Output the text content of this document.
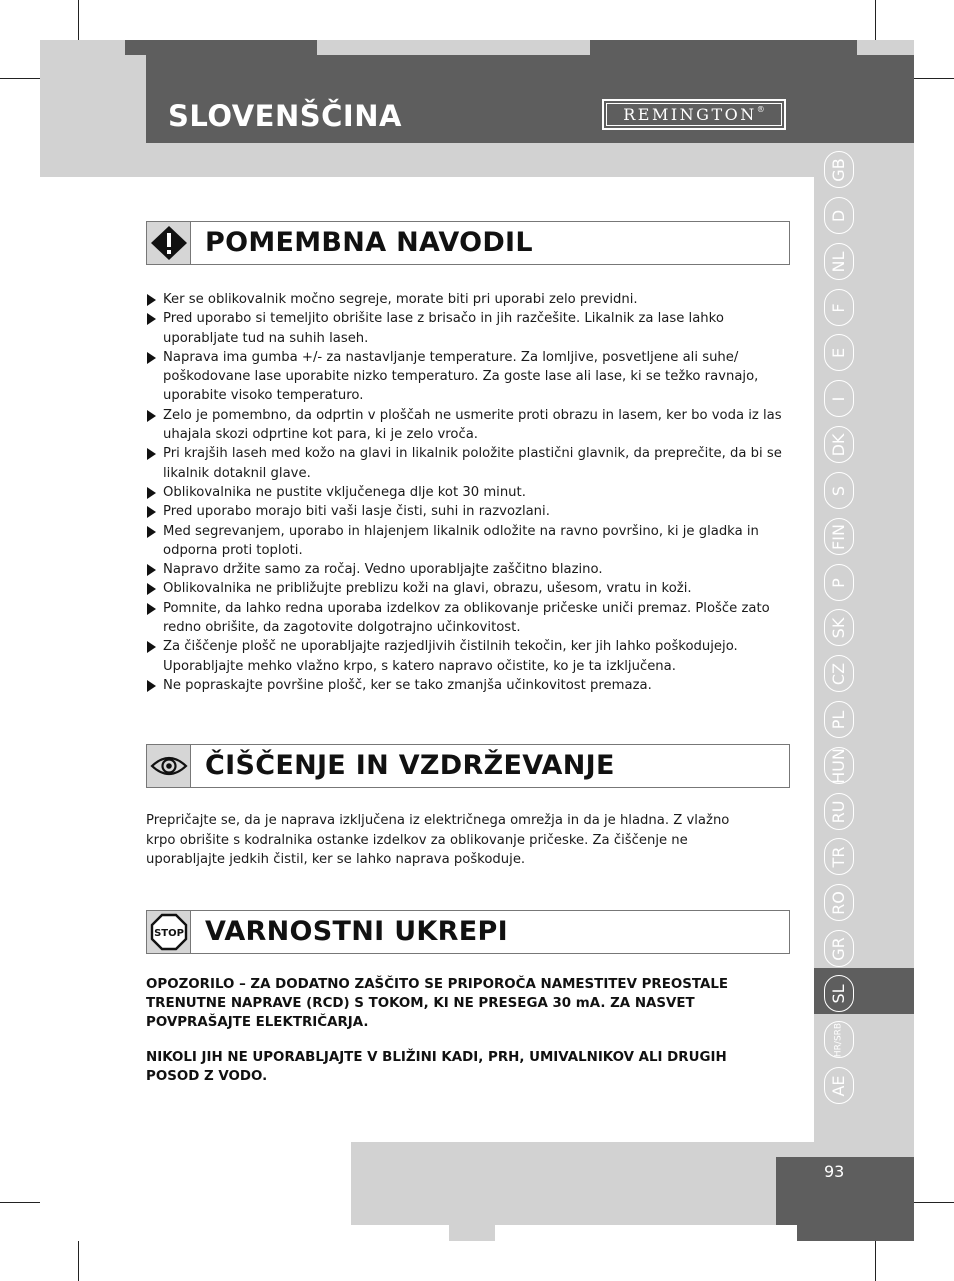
SLOVENŠČINA	REMINGTON®
GB
D
NL
F
E
I
DK
S
FIN
P
SK
CZ
PL
HUN
RU
TR
RO
GR
SL
HR/SRB
AE
POMEMBNA NAVODIL
Ker se oblikovalnik močno segreje, morate biti pri uporabi zelo previdni.
Pred uporabo si temeljito obrišite lase z brisačo in jih razčešite. Likalnik za lase lahko uporabljate tud na suhih laseh.
Naprava ima gumba +/- za nastavljanje temperature. Za lomljive, posvetljene ali suhe/ poškodovane lase uporabite nizko temperaturo. Za goste lase ali lase, ki se težko ravnajo, uporabite visoko temperaturo.
Zelo je pomembno, da odprtin v ploščah ne usmerite proti obrazu in lasem, ker bo voda iz las uhajala skozi odprtine kot para, ki je zelo vroča.
Pri krajših laseh med kožo na glavi in likalnik položite plastični glavnik, da preprečite, da bi se likalnik dotaknil glave.
Oblikovalnika ne pustite vključenega dlje kot 30 minut.
Pred uporabo morajo biti vaši lasje čisti, suhi in razvozlani.
Med segrevanjem, uporabo in hlajenjem likalnik odložite na ravno površino, ki je gladka in odporna proti toploti.
Napravo držite samo za ročaj. Vedno uporabljajte zaščitno blazino.
Oblikovalnika ne približujte preblizu koži na glavi, obrazu, ušesom, vratu in koži.
Pomnite, da lahko redna uporaba izdelkov za oblikovanje pričeske uniči premaz. Plošče zato redno obrišite, da zagotovite dolgotrajno učinkovitost.
Za čiščenje plošč ne uporabljajte razjedljivih čistilnih tekočin, ker jih lahko poškodujejo. Uporabljajte mehko vlažno krpo, s katero napravo očistite, ko je ta izključena.
Ne popraskajte površine plošč, ker se tako zmanjša učinkovitost premaza.
ČIŠČENJE IN VZDRŽEVANJE
Prepričajte se, da je naprava izključena iz električnega omrežja in da je hladna. Z vlažno krpo obrišite s kodralnika ostanke izdelkov za oblikovanje pričeske. Za čiščenje ne uporabljajte jedkih čistil, ker se lahko naprava poškoduje.
STOP VARNOSTNI UKREPI
OPOZORILO – ZA DODATNO ZAŠČITO SE PRIPOROČA NAMESTITEV PREOSTALE TRENUTNE NAPRAVE (RCD) S TOKOM, KI NE PRESEGA 30 mA. ZA NASVET POVPRAŠAJTE ELEKTRIČARJA.
NIKOLI JIH NE UPORABLJAJTE V BLIŽINI KADI, PRH, UMIVALNIKOV ALI DRUGIH POSOD Z VODO.
93
